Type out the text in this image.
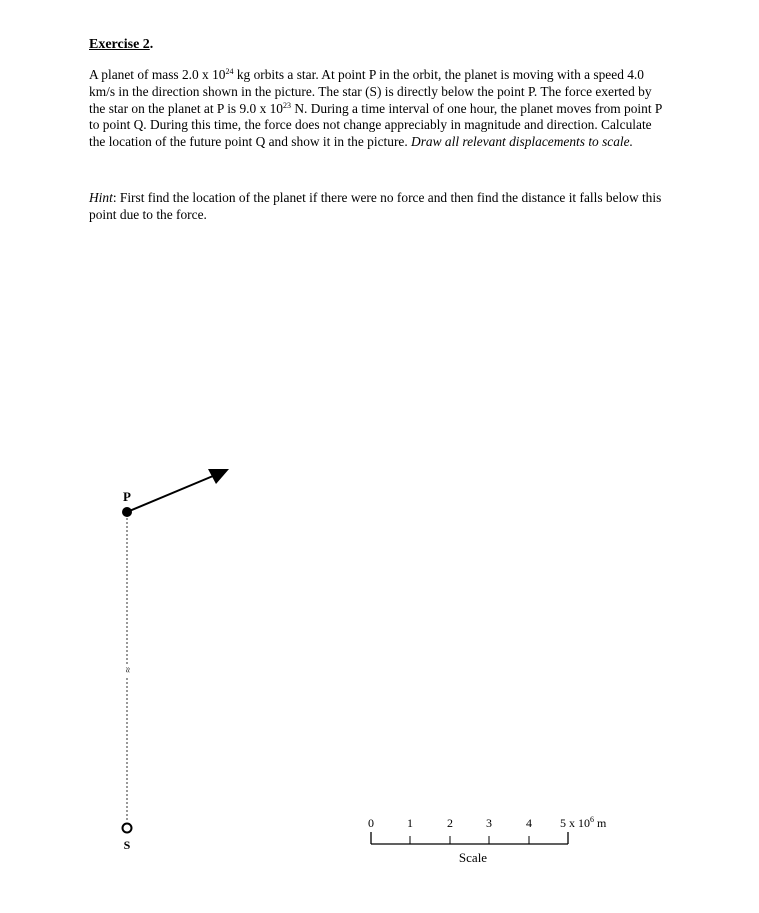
Exercise 2.

A planet of mass 2.0 x $10^{24}$ kg orbits a star. At point P in the orbit, the planet is moving with a speed 4.0 km/s in the direction shown in the picture. The star (S) is directly below the point P. The force exerted by the star on the planet at P is 9.0 x $10^{23}$ N. During a time interval of one hour, the planet moves from point P to point Q. During this time, the force does not change appreciably in magnitude and direction. Calculate the location of the future point Q and show it in the picture. Draw all relevant displacements to scale.

Hint: First find the location of the planet if there were no force and then find the distance it falls below this point due to the force.

≈
P
S
0	1	2	3	4 5 x $10^6$ m
Scale
